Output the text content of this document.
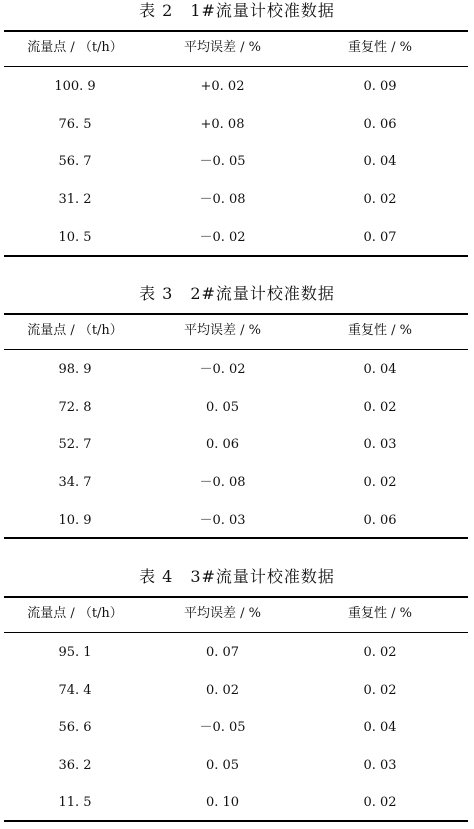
表 2　1#流量计校准数据
流量点 / （t/h）	平均误差 / %	重复性 / %
100. 9	+0. 02	0. 09
76. 5	+0. 08	0. 06
56. 7	－0. 05	0. 04
31. 2	－0. 08	0. 02
10. 5	－0. 02	0. 07
表 3　2#流量计校准数据
流量点 / （t/h）	平均误差 / %	重复性 / %
98. 9	－0. 02	0. 04
72. 8	0. 05	0. 02
52. 7	0. 06	0. 03
34. 7	－0. 08	0. 02
10. 9	－0. 03	0. 06
表 4　3#流量计校准数据
流量点 / （t/h）	平均误差 / %	重复性 / %
95. 1	0. 07	0. 02
74. 4	0. 02	0. 02
56. 6	－0. 05	0. 04
36. 2	0. 05	0. 03
11. 5	0. 10	0. 02
